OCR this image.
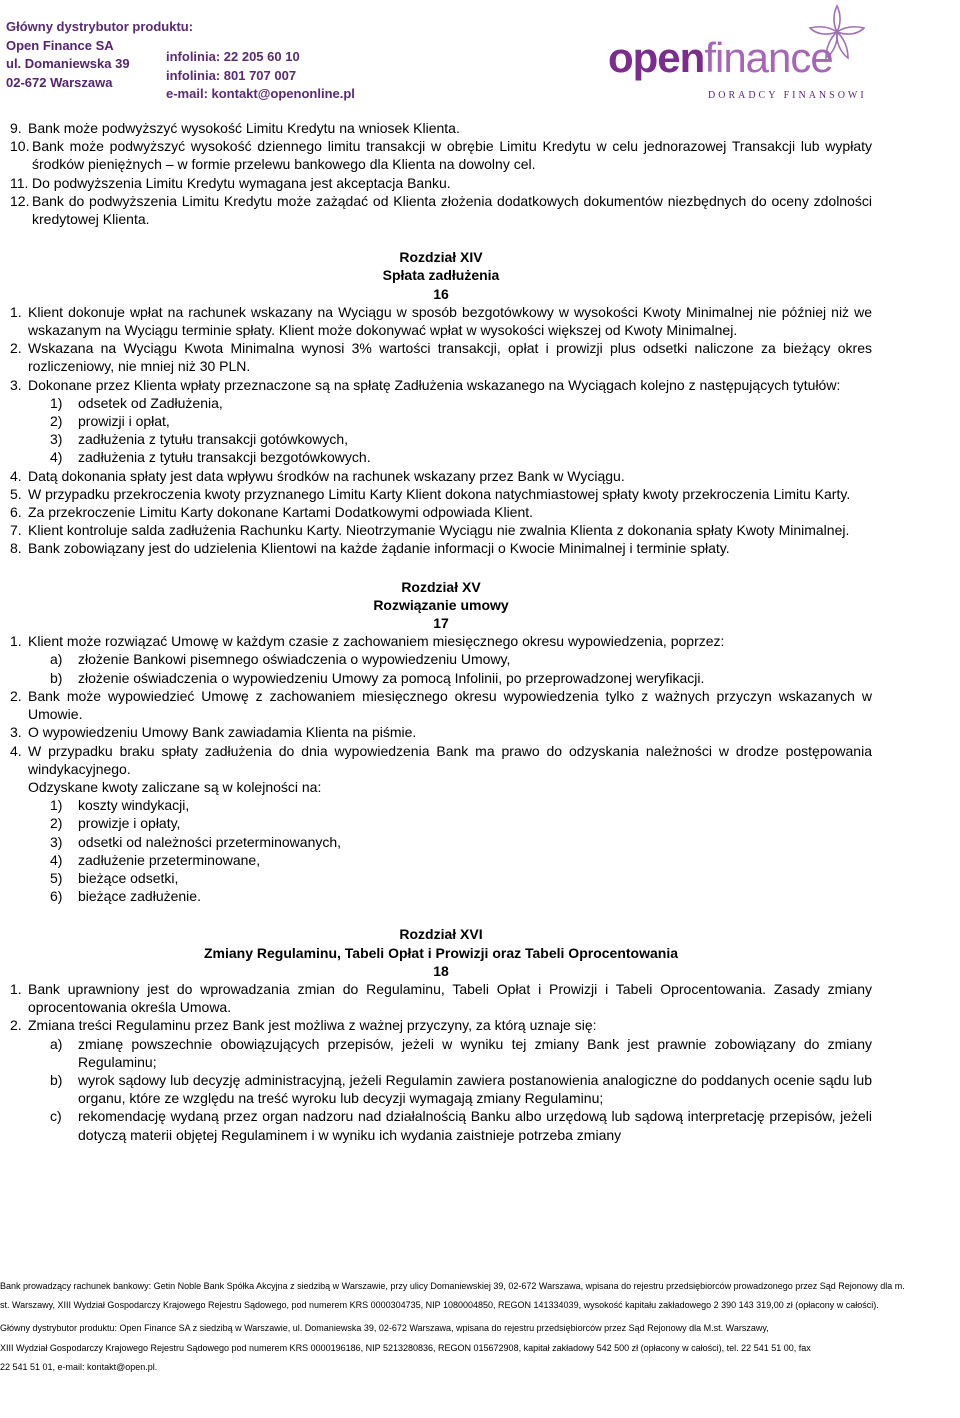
Główny dystrybutor produktu:
Open Finance SA
ul. Domaniewska 39
02-672 Warszawa
infolinia: 22 205 60 10
infolinia: 801 707 007
e-mail: kontakt@openonline.pl
openfinance
DORADCY FINANSOWI
9. Bank może podwyższyć wysokość Limitu Kredytu na wniosek Klienta.
10. Bank może podwyższyć wysokość dziennego limitu transakcji w obrębie Limitu Kredytu w celu jednorazowej Transakcji lub wypłaty środków pieniężnych – w formie przelewu bankowego dla Klienta na dowolny cel.
11. Do podwyższenia Limitu Kredytu wymagana jest akceptacja Banku.
12. Bank do podwyższenia Limitu Kredytu może zażądać od Klienta złożenia dodatkowych dokumentów niezbędnych do oceny zdolności kredytowej Klienta.
Rozdział XIV
Spłata zadłużenia
16
1. Klient dokonuje wpłat na rachunek wskazany na Wyciągu w sposób bezgotówkowy w wysokości Kwoty Minimalnej nie później niż we wskazanym na Wyciągu terminie spłaty. Klient może dokonywać wpłat w wysokości większej od Kwoty Minimalnej.
2. Wskazana na Wyciągu Kwota Minimalna wynosi 3% wartości transakcji, opłat i prowizji plus odsetki naliczone za bieżący okres rozliczeniowy, nie mniej niż 30 PLN.
3. Dokonane przez Klienta wpłaty przeznaczone są na spłatę Zadłużenia wskazanego na Wyciągach kolejno z następujących tytułów:
1)	odsetek od Zadłużenia,
2)	prowizji i opłat,
3)	zadłużenia z tytułu transakcji gotówkowych,
4)	zadłużenia z tytułu transakcji bezgotówkowych.
4. Datą dokonania spłaty jest data wpływu środków na rachunek wskazany przez Bank w Wyciągu.
5. W przypadku przekroczenia kwoty przyznanego Limitu Karty Klient dokona natychmiastowej spłaty kwoty przekroczenia Limitu Karty.
6. Za przekroczenie Limitu Karty dokonane Kartami Dodatkowymi odpowiada Klient.
7. Klient kontroluje salda zadłużenia Rachunku Karty. Nieotrzymanie Wyciągu nie zwalnia Klienta z dokonania spłaty Kwoty Minimalnej.
8. Bank zobowiązany jest do udzielenia Klientowi na każde żądanie informacji o Kwocie Minimalnej i terminie spłaty.
Rozdział XV
Rozwiązanie umowy
17
1. Klient może rozwiązać Umowę w każdym czasie z zachowaniem miesięcznego okresu wypowiedzenia, poprzez:
a)	złożenie Bankowi pisemnego oświadczenia o wypowiedzeniu Umowy,
b)	złożenie oświadczenia o wypowiedzeniu Umowy za pomocą Infolinii, po przeprowadzonej weryfikacji.
2. Bank może wypowiedzieć Umowę z zachowaniem miesięcznego okresu wypowiedzenia tylko z ważnych przyczyn wskazanych w Umowie.
3. O wypowiedzeniu Umowy Bank zawiadamia Klienta na piśmie.
4. W przypadku braku spłaty zadłużenia do dnia wypowiedzenia Bank ma prawo do odzyskania należności w drodze postępowania windykacyjnego.
Odzyskane kwoty zaliczane są w kolejności na:
1)	koszty windykacji,
2)	prowizje i opłaty,
3)	odsetki od należności przeterminowanych,
4)	zadłużenie przeterminowane,
5)	bieżące odsetki,
6)	bieżące zadłużenie.
Rozdział XVI
Zmiany Regulaminu, Tabeli Opłat i Prowizji oraz Tabeli Oprocentowania
18
1. Bank uprawniony jest do wprowadzania zmian do Regulaminu, Tabeli Opłat i Prowizji i Tabeli Oprocentowania. Zasady zmiany oprocentowania określa Umowa.
2. Zmiana treści Regulaminu przez Bank jest możliwa z ważnej przyczyny, za którą uznaje się:
a)	zmianę powszechnie obowiązujących przepisów, jeżeli w wyniku tej zmiany Bank jest prawnie zobowiązany do zmiany Regulaminu;
b)	wyrok sądowy lub decyzję administracyjną, jeżeli Regulamin zawiera postanowienia analogiczne do poddanych ocenie sądu lub organu, które ze względu na treść wyroku lub decyzji wymagają zmiany Regulaminu;
c)	rekomendację wydaną przez organ nadzoru nad działalnością Banku albo urzędową lub sądową interpretację przepisów, jeżeli dotyczą materii objętej Regulaminem i w wyniku ich wydania zaistnieje potrzeba zmiany
Bank prowadzący rachunek bankowy: Getin Noble Bank Spółka Akcyjna z siedzibą w Warszawie, przy ulicy Domaniewskiej 39, 02-672 Warszawa, wpisana do rejestru przedsiębiorców prowadzonego przez Sąd Rejonowy dla m.
st. Warszawy, XIII Wydział Gospodarczy Krajowego Rejestru Sądowego, pod numerem KRS 0000304735, NIP 1080004850, REGON 141334039, wysokość kapitału zakładowego 2 390 143 319,00 zł (opłacony w całości).
Główny dystrybutor produktu: Open Finance SA z siedzibą w Warszawie, ul. Domaniewska 39, 02-672 Warszawa, wpisana do rejestru przedsiębiorców przez Sąd Rejonowy dla M.st. Warszawy,
XIII Wydział Gospodarczy Krajowego Rejestru Sądowego pod numerem KRS 0000196186, NIP 5213280836, REGON 015672908, kapitał zakładowy 542 500 zł (opłacony w całości), tel. 22 541 51 00, fax
22 541 51 01, e-mail: kontakt@open.pl.
